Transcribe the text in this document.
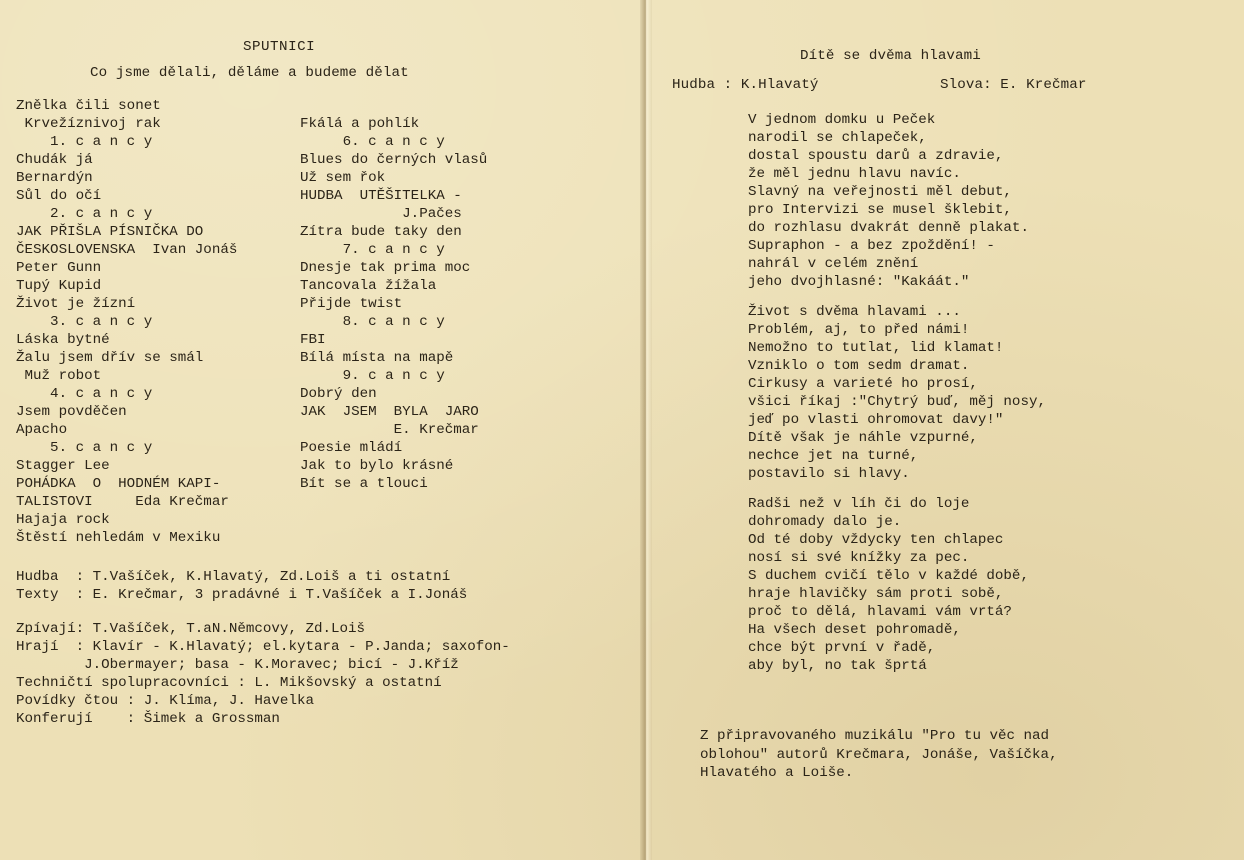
SPUTNICI
Co jsme dělali, děláme a budeme dělat
Znělka čili sonet
Krvežíznivoj rak
1. c a n c y
Chudák já
Bernardýn
Sůl do očí
2. c a n c y
JAK PŘIŠLA PÍSNIČKA DO
ČESKOSLOVENSKA  Ivan Jonáš
Peter Gunn
Tupý Kupid
Život je žízní
3. c a n c y
Láska bytné
Žalu jsem dřív se smál
Muž robot
4. c a n c y
Jsem povděčen
Apacho
5. c a n c y
Stagger Lee
POHÁDKA  O  HODNÉM KAPI-
TALISTOVI     Eda Krečmar
Hajaja rock
Štěstí nehledám v Mexiku
Fkálá a pohlík
6. c a n c y
Blues do černých vlasů
Už sem řok
HUDBA  UTĚŠITELKA -
J.Pačes
Zítra bude taky den
7. c a n c y
Dnesje tak prima moc
Tancovala žížala
Přijde twist
8. c a n c y
FBI
Bílá místa na mapě
9. c a n c y
Dobrý den
JAK  JSEM  BYLA  JARO
E. Krečmar
Poesie mládí
Jak to bylo krásné
Bít se a tlouci
Hudba  : T.Vašíček, K.Hlavatý, Zd.Loiš a ti ostatní
Texty  : E. Krečmar, 3 pradávné i T.Vašíček a I.Jonáš
Zpívají: T.Vašíček, T.aN.Němcovy, Zd.Loiš
Hrají  : Klavír - K.Hlavatý; el.kytara - P.Janda; saxofon-
J.Obermayer; basa - K.Moravec; bicí - J.Kříž
Techničtí spolupracovníci : L. Mikšovský a ostatní
Povídky čtou : J. Klíma, J. Havelka
Konferují    : Šimek a Grossman
Dítě se dvěma hlavami
Hudba : K.Hlavatý	Slova: E. Krečmar
V jednom domku u Peček
narodil se chlapeček,
dostal spoustu darů a zdravie,
že měl jednu hlavu navíc.
Slavný na veřejnosti měl debut,
pro Intervizi se musel šklebit,
do rozhlasu dvakrát denně plakat.
Supraphon - a bez zpoždění! -
nahrál v celém znění
jeho dvojhlasné: "Kakáát."
Život s dvěma hlavami ...
Problém, aj, to před námi!
Nemožno to tutlat, lid klamat!
Vzniklo o tom sedm dramat.
Cirkusy a varieté ho prosí,
všici říkaj :"Chytrý buď, měj nosy,
jeď po vlasti ohromovat davy!"
Dítě však je náhle vzpurné,
nechce jet na turné,
postavilo si hlavy.
Radši než v líh či do loje
dohromady dalo je.
Od té doby vždycky ten chlapec
nosí si své knížky za pec.
S duchem cvičí tělo v každé době,
hraje hlavičky sám proti sobě,
proč to dělá, hlavami vám vrtá?
Ha všech deset pohromadě,
chce být první v řadě,
aby byl, no tak šprtá
Z připravovaného muzikálu "Pro tu věc nad
oblohou" autorů Krečmara, Jonáše, Vašíčka,
Hlavatého a Loiše.
